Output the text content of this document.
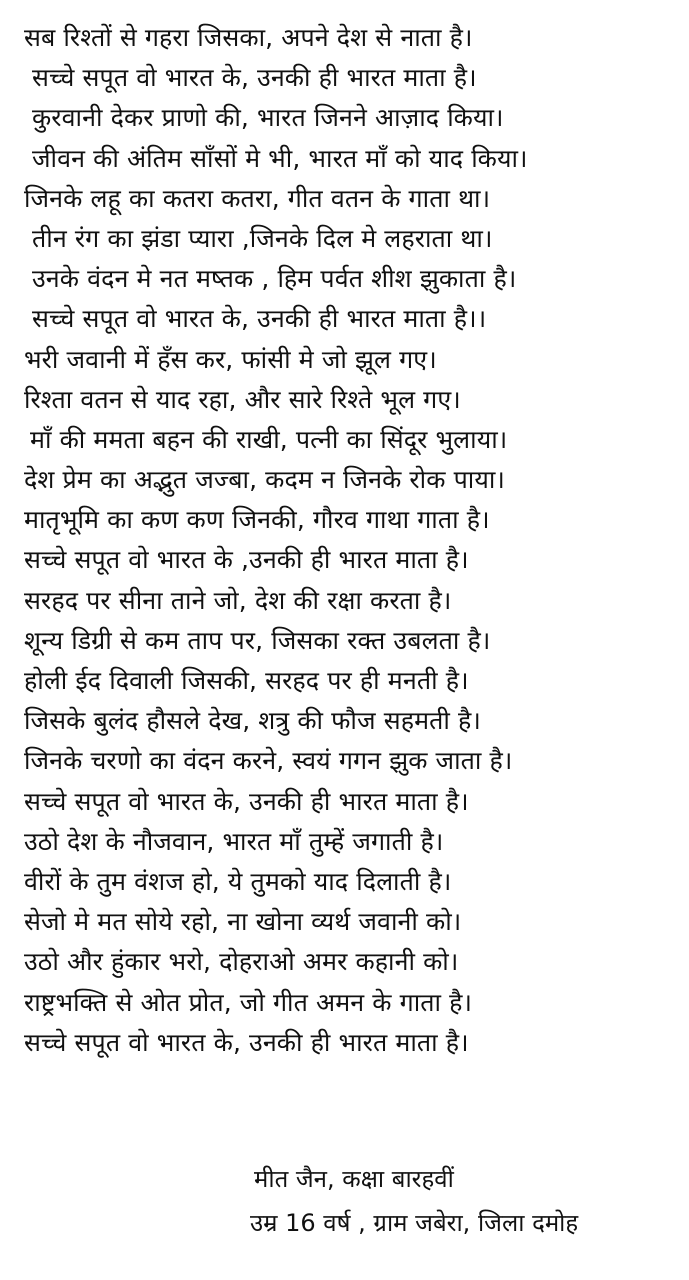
सब रिश्तों से गहरा जिसका, अपने देश से नाता है।
सच्चे सपूत वो भारत के, उनकी ही भारत माता है।
कुरवानी देकर प्राणो की, भारत जिनने आज़ाद किया।
जीवन की अंतिम साँसों मे भी, भारत माँ को याद किया।
जिनके लहू का कतरा कतरा, गीत वतन के गाता था।
तीन रंग का झंडा प्यारा ,जिनके दिल मे लहराता था।
उनके वंदन मे नत मष्तक , हिम पर्वत शीश झुकाता है।
सच्चे सपूत वो भारत के, उनकी ही भारत माता है।।
भरी जवानी में हँस कर, फांसी मे जो झूल गए।
रिश्ता वतन से याद रहा, और सारे रिश्ते भूल गए।
माँ की ममता बहन की राखी, पत्नी का सिंदूर भुलाया।
देश प्रेम का अद्भुत जज्बा, कदम न जिनके रोक पाया।
मातृभूमि का कण कण जिनकी, गौरव गाथा गाता है।
सच्चे सपूत वो भारत के ,उनकी ही भारत माता है।
सरहद पर सीना ताने जो, देश की रक्षा करता है।
शून्य डिग्री से कम ताप पर, जिसका रक्त उबलता है।
होली ईद दिवाली जिसकी, सरहद पर ही मनती है।
जिसके बुलंद हौसले देख, शत्रु की फौज सहमती है।
जिनके चरणो का वंदन करने, स्वयं गगन झुक जाता है।
सच्चे सपूत वो भारत के, उनकी ही भारत माता है।
उठो देश के नौजवान, भारत माँ तुम्हें जगाती है।
वीरों के तुम वंशज हो, ये तुमको याद दिलाती है।
सेजो मे मत सोये रहो, ना खोना व्यर्थ जवानी को।
उठो और हुंकार भरो, दोहराओ अमर कहानी को।
राष्ट्रभक्ति से ओत प्रोत, जो गीत अमन के गाता है।
सच्चे सपूत वो भारत के, उनकी ही भारत माता है।
मीत जैन, कक्षा बारहवीं
उम्र 16 वर्ष , ग्राम जबेरा, जिला दमोह
